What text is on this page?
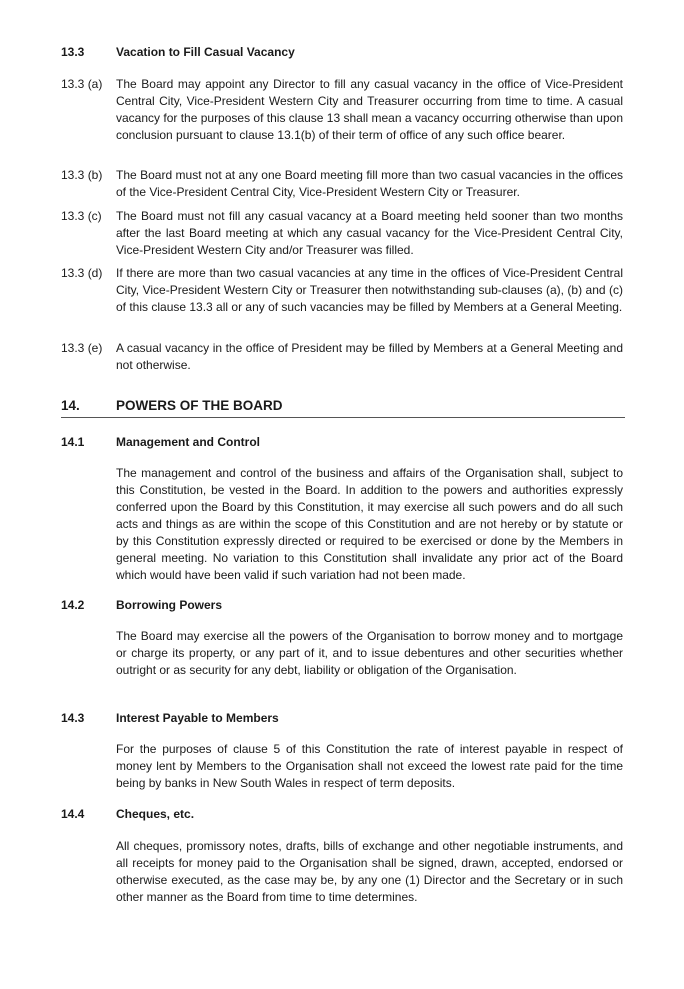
13.3	Vacation to Fill Casual Vacancy
13.3 (a) The Board may appoint any Director to fill any casual vacancy in the office of Vice-President Central City, Vice-President Western City and Treasurer occurring from time to time. A casual vacancy for the purposes of this clause 13 shall mean a vacancy occurring otherwise than upon conclusion pursuant to clause 13.1(b) of their term of office of any such office bearer.
13.3 (b) The Board must not at any one Board meeting fill more than two casual vacancies in the offices of the Vice-President Central City, Vice-President Western City or Treasurer.
13.3 (c) The Board must not fill any casual vacancy at a Board meeting held sooner than two months after the last Board meeting at which any casual vacancy for the Vice-President Central City, Vice-President Western City and/or Treasurer was filled.
13.3 (d) If there are more than two casual vacancies at any time in the offices of Vice-President Central City, Vice-President Western City or Treasurer then notwithstanding sub-clauses (a), (b) and (c) of this clause 13.3 all or any of such vacancies may be filled by Members at a General Meeting.
13.3 (e) A casual vacancy in the office of President may be filled by Members at a General Meeting and not otherwise.
14.	POWERS OF THE BOARD
14.1	Management and Control
The management and control of the business and affairs of the Organisation shall, subject to this Constitution, be vested in the Board. In addition to the powers and authorities expressly conferred upon the Board by this Constitution, it may exercise all such powers and do all such acts and things as are within the scope of this Constitution and are not hereby or by statute or by this Constitution expressly directed or required to be exercised or done by the Members in general meeting. No variation to this Constitution shall invalidate any prior act of the Board which would have been valid if such variation had not been made.
14.2	Borrowing Powers
The Board may exercise all the powers of the Organisation to borrow money and to mortgage or charge its property, or any part of it, and to issue debentures and other securities whether outright or as security for any debt, liability or obligation of the Organisation.
14.3	Interest Payable to Members
For the purposes of clause 5 of this Constitution the rate of interest payable in respect of money lent by Members to the Organisation shall not exceed the lowest rate paid for the time being by banks in New South Wales in respect of term deposits.
14.4	Cheques, etc.
All cheques, promissory notes, drafts, bills of exchange and other negotiable instruments, and all receipts for money paid to the Organisation shall be signed, drawn, accepted, endorsed or otherwise executed, as the case may be, by any one (1) Director and the Secretary or in such other manner as the Board from time to time determines.
